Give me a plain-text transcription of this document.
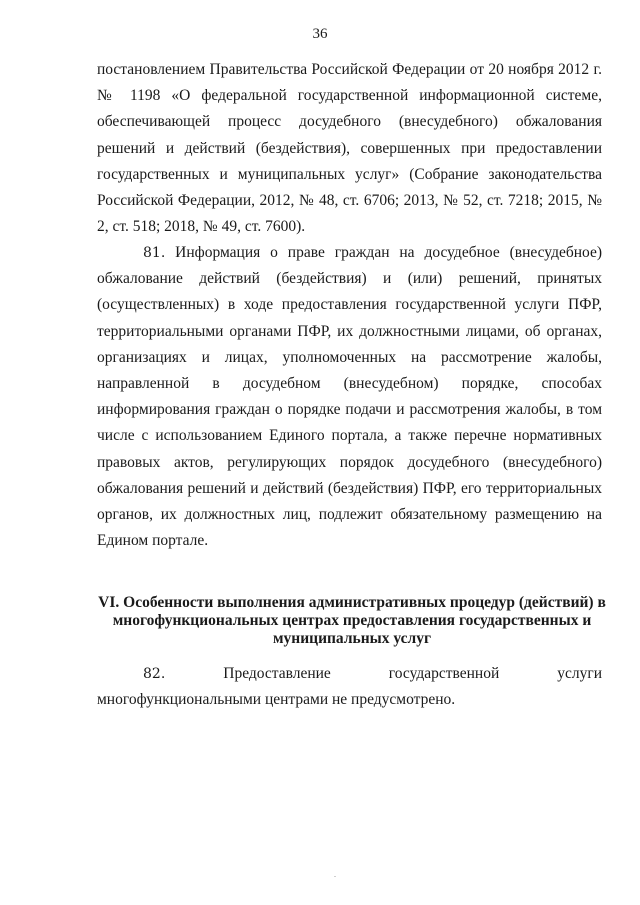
36

постановлением Правительства Российской Федерации от 20 ноября 2012 г. № 1198 «О федеральной государственной информационной системе, обеспечивающей процесс досудебного (внесудебного) обжалования решений и действий (бездействия), совершенных при предоставлении государственных и муниципальных услуг» (Собрание законодательства Российской Федерации, 2012, № 48, ст. 6706; 2013, № 52, ст. 7218; 2015, № 2, ст. 518; 2018, № 49, ст. 7600).

81. Информация о праве граждан на досудебное (внесудебное) обжалование действий (бездействия) и (или) решений, принятых (осуществленных) в ходе предоставления государственной услуги ПФР, территориальными органами ПФР, их должностными лицами, об органах, организациях и лицах, уполномоченных на рассмотрение жалобы, направленной в досудебном (внесудебном) порядке, способах информирования граждан о порядке подачи и рассмотрения жалобы, в том числе с использованием Единого портала, а также перечне нормативных правовых актов, регулирующих порядок досудебного (внесудебного) обжалования решений и действий (бездействия) ПФР, его территориальных органов, их должностных лиц, подлежит обязательному размещению на Едином портале.

VI. Особенности выполнения административных процедур (действий) в многофункциональных центрах предоставления государственных и муниципальных услуг

82.	Предоставление государственной услуги многофункциональными центрами не предусмотрено.
